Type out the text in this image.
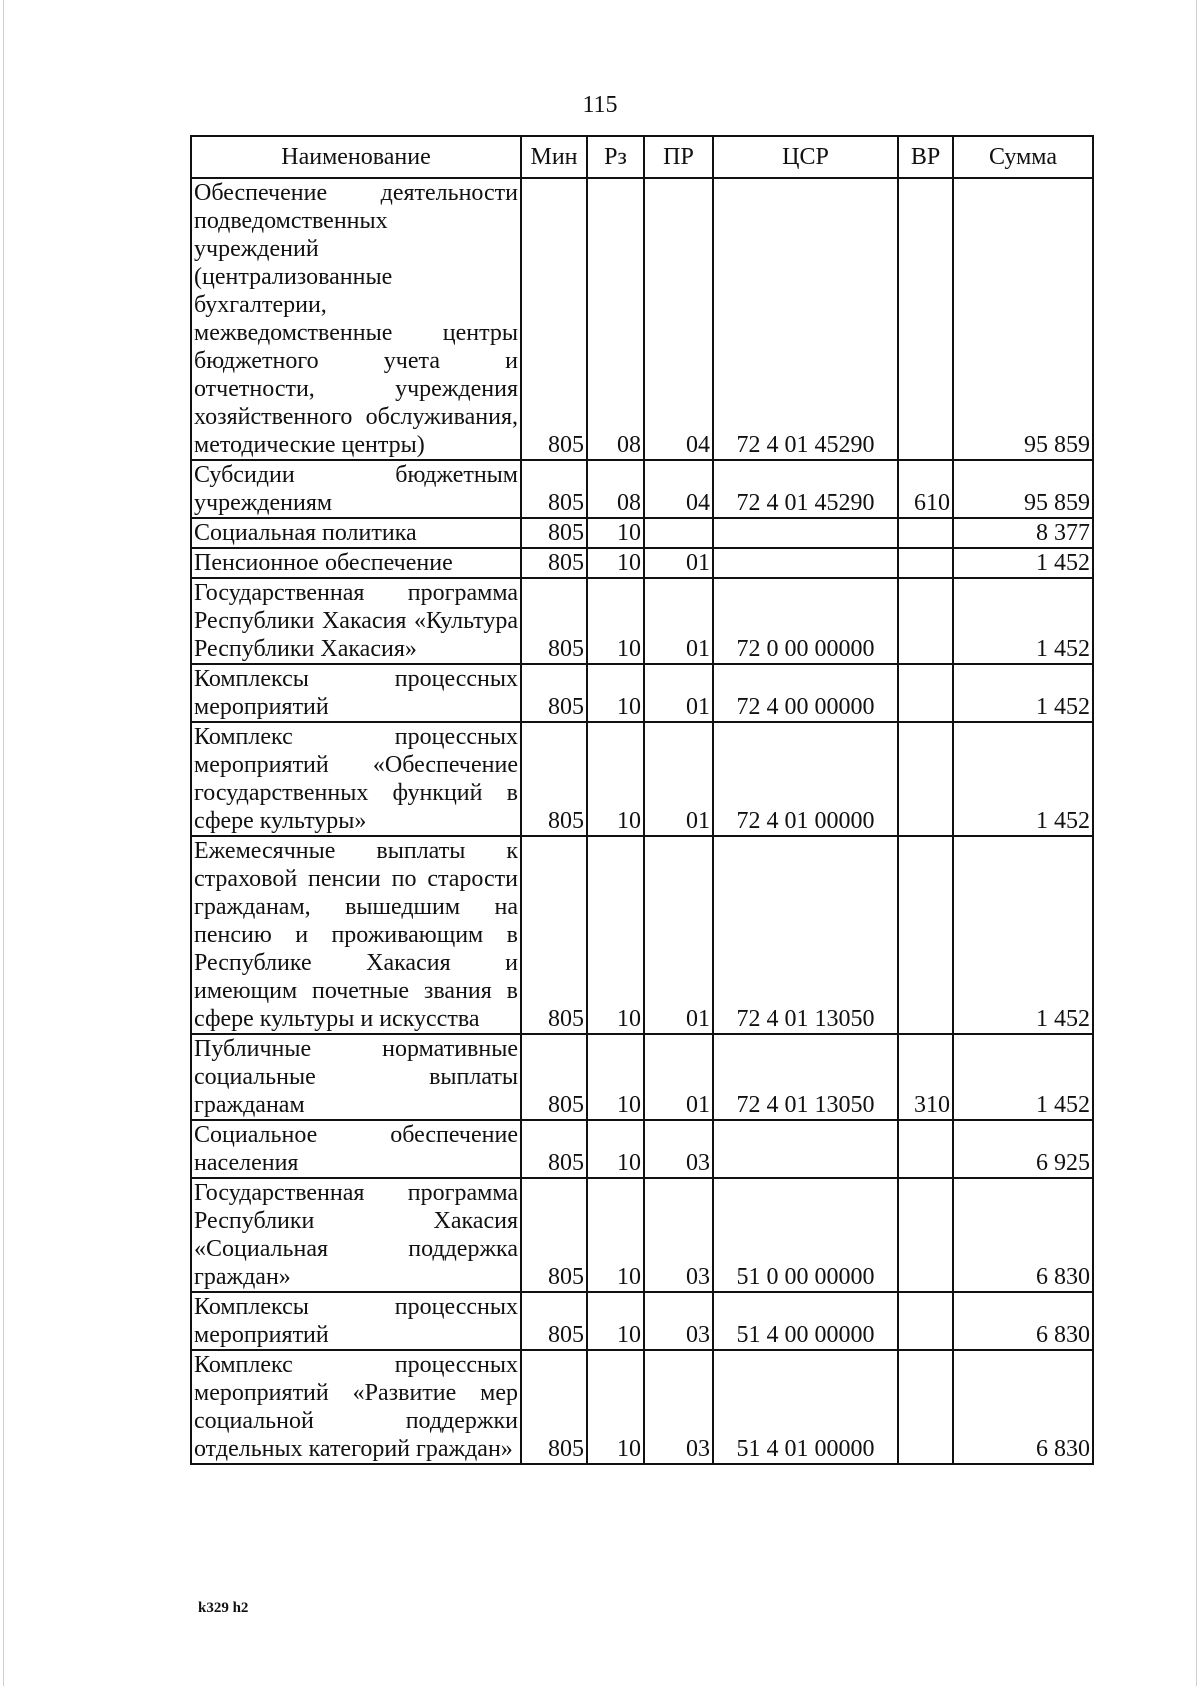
115
Наименование	Мин	Рз	ПР	ЦСР	ВР	Сумма
Обеспечение деятельности подведомственных учреждений (централизованные бухгалтерии, межведомственные центры бюджетного учета и отчетности, учреждения хозяйственного обслуживания, методические центры)	805	08	04	72 4 01 45290		95 859
Субсидии бюджетным учреждениям	805	08	04	72 4 01 45290	610	95 859
Социальная политика	805	10				8 377
Пенсионное обеспечение	805	10	01			1 452
Государственная программа Республики Хакасия «Культура Республики Хакасия»	805	10	01	72 0 00 00000		1 452
Комплексы процессных мероприятий	805	10	01	72 4 00 00000		1 452
Комплекс процессных мероприятий «Обеспечение государственных функций в сфере культуры»	805	10	01	72 4 01 00000		1 452
Ежемесячные выплаты к страховой пенсии по старости гражданам, вышедшим на пенсию и проживающим в Республике Хакасия и имеющим почетные звания в сфере культуры и искусства	805	10	01	72 4 01 13050		1 452
Публичные нормативные социальные выплаты гражданам	805	10	01	72 4 01 13050	310	1 452
Социальное обеспечение населения	805	10	03			6 925
Государственная программа Республики Хакасия «Социальная поддержка граждан»	805	10	03	51 0 00 00000		6 830
Комплексы процессных мероприятий	805	10	03	51 4 00 00000		6 830
Комплекс процессных мероприятий «Развитие мер социальной поддержки отдельных категорий граждан»	805	10	03	51 4 01 00000		6 830
k329 h2
